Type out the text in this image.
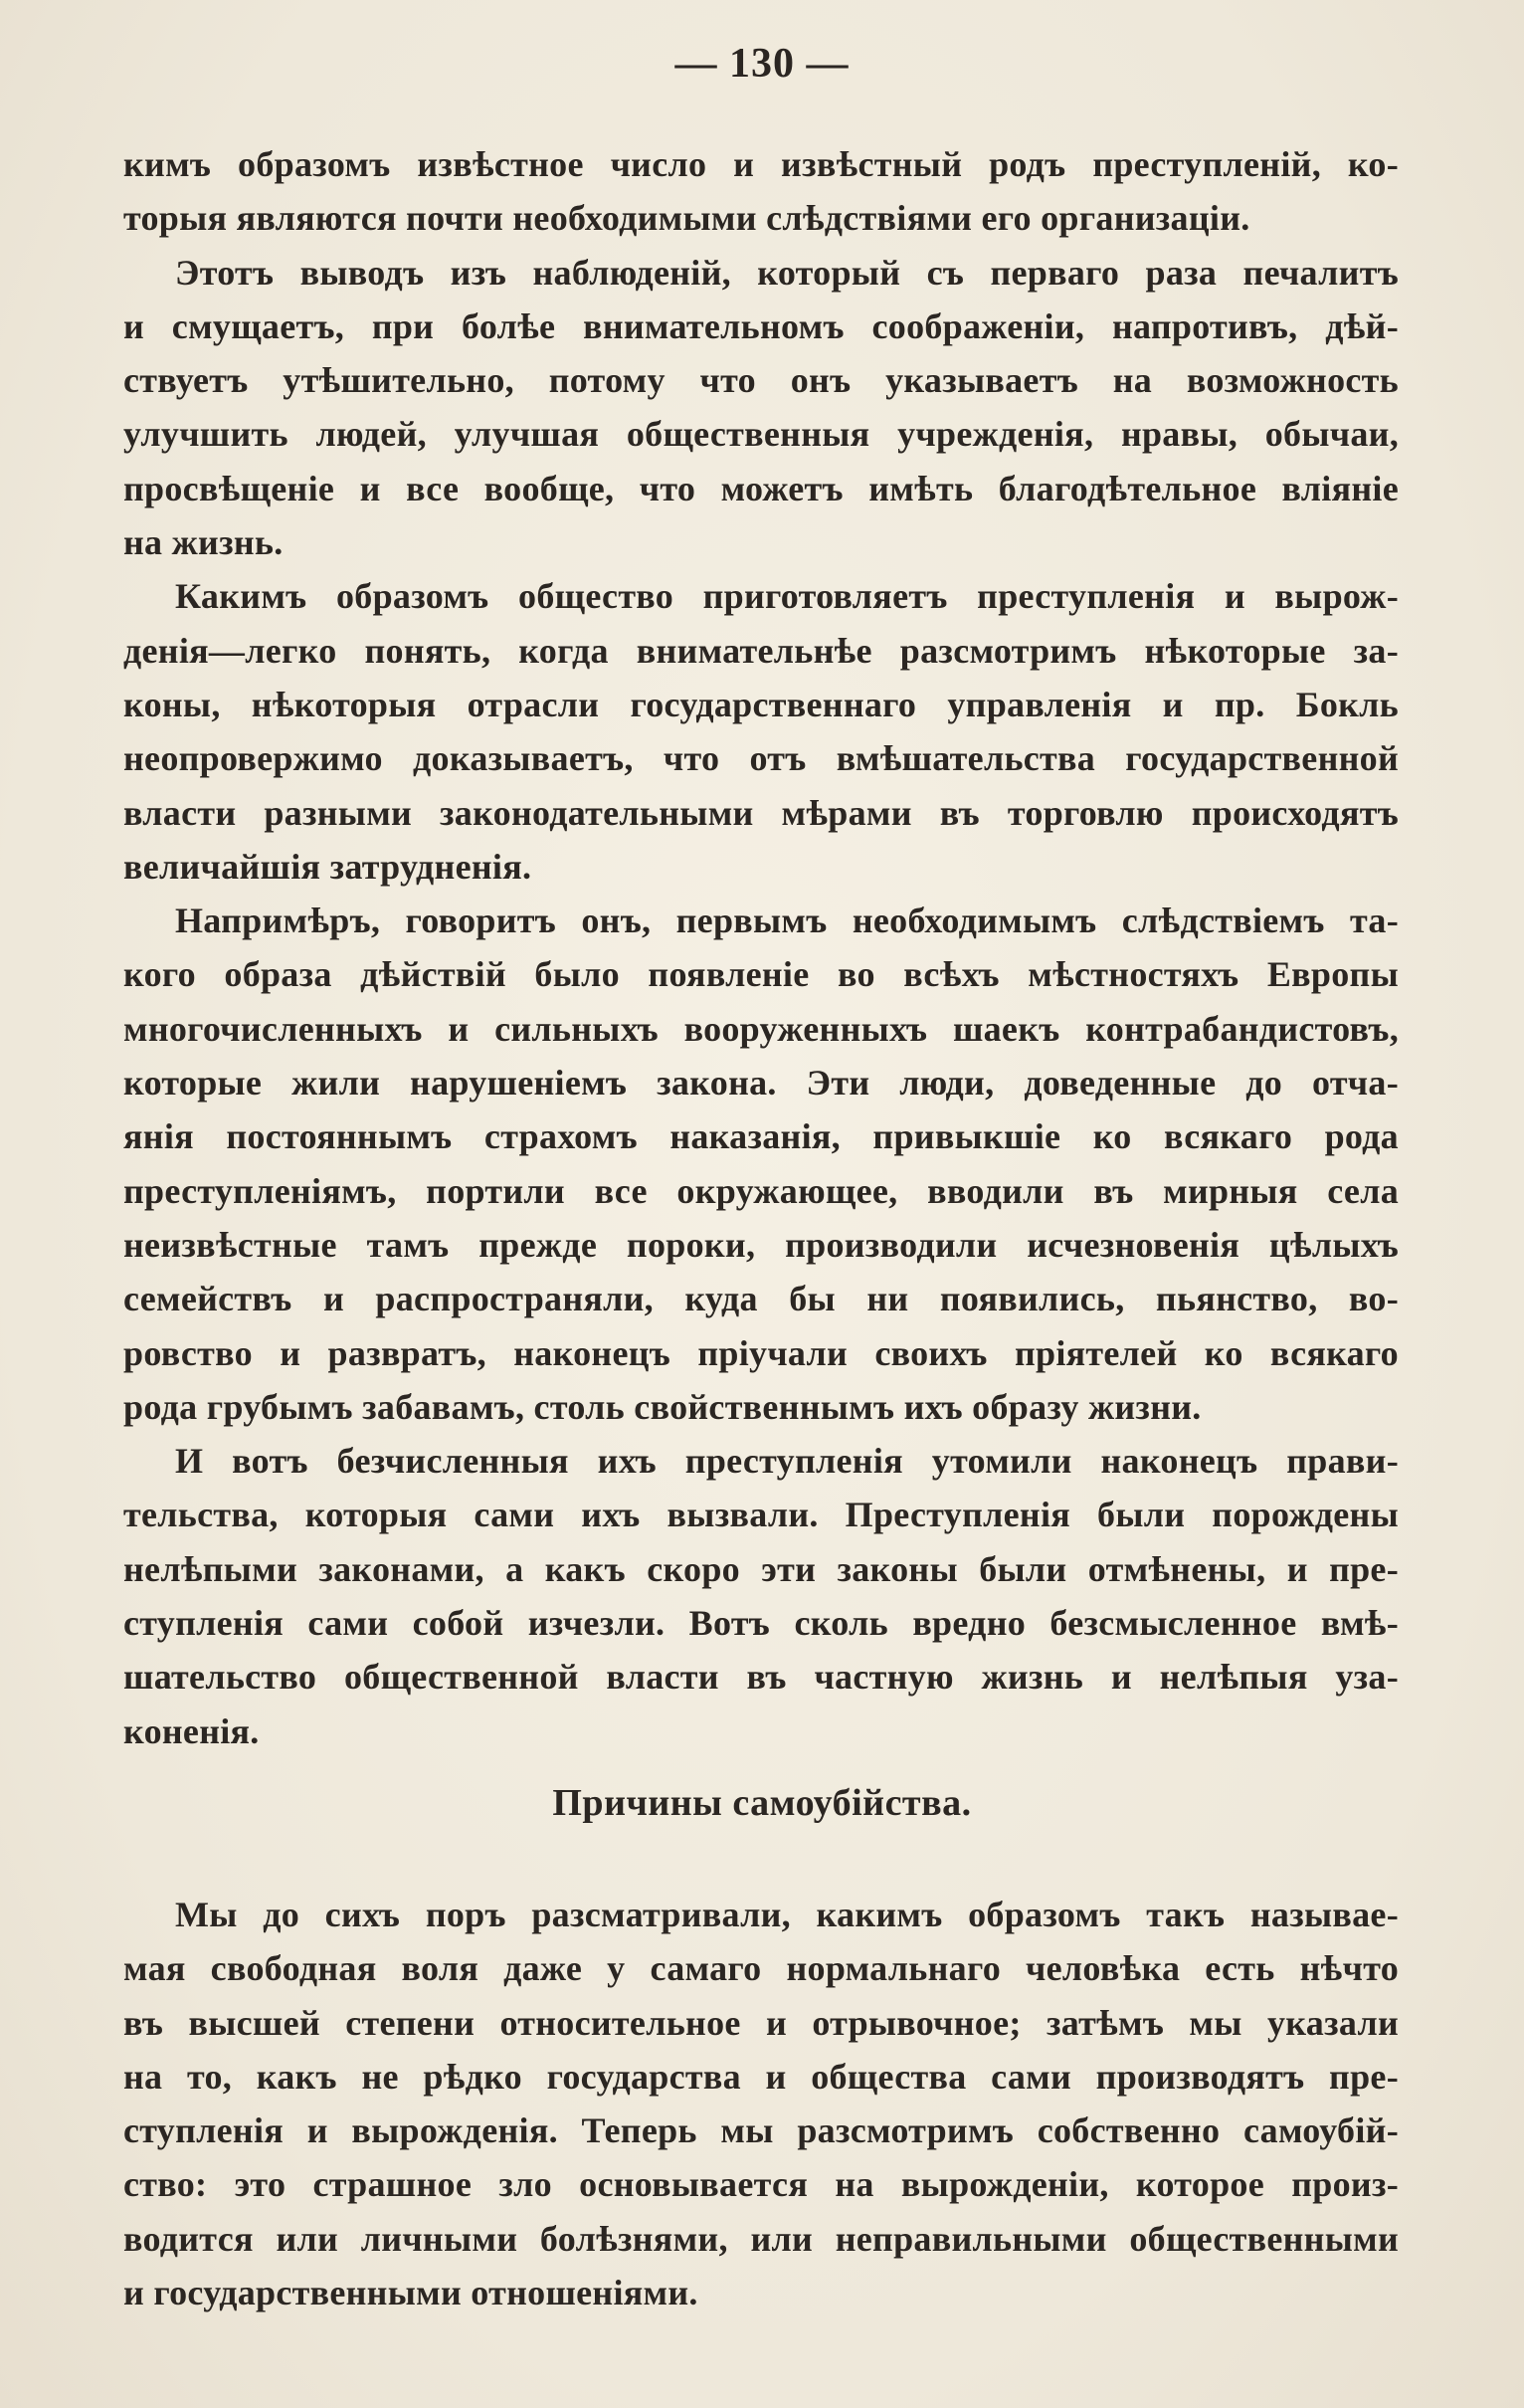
— 130 —
кимъ образомъ извѣстное число и извѣстный родъ преступленій, ко-
торыя являются почти необходимыми слѣдствіями его организаціи.
Этотъ выводъ изъ наблюденій, который съ перваго раза печалитъ
и смущаетъ, при болѣе внимательномъ соображеніи, напротивъ, дѣй-
ствуетъ утѣшительно, потому что онъ указываетъ на возможность
улучшить людей, улучшая общественныя учрежденія, нравы, обычаи,
просвѣщеніе и все вообще, что можетъ имѣть благодѣтельное вліяніе
на жизнь.
Какимъ образомъ общество приготовляетъ преступленія и вырож-
денія—легко понять, когда внимательнѣе разсмотримъ нѣкоторые за-
коны, нѣкоторыя отрасли государственнаго управленія и пр. Бокль
неопровержимо доказываетъ, что отъ вмѣшательства государственной
власти разными законодательными мѣрами въ торговлю происходятъ
величайшія затрудненія.
Напримѣръ, говоритъ онъ, первымъ необходимымъ слѣдствіемъ та-
кого образа дѣйствій было появленіе во всѣхъ мѣстностяхъ Европы
многочисленныхъ и сильныхъ вооруженныхъ шаекъ контрабандистовъ,
которые жили нарушеніемъ закона. Эти люди, доведенные до отча-
янія постояннымъ страхомъ наказанія, привыкшіе ко всякаго рода
преступленіямъ, портили все окружающее, вводили въ мирныя села
неизвѣстные тамъ прежде пороки, производили исчезновенія цѣлыхъ
семействъ и распространяли, куда бы ни появились, пьянство, во-
ровство и развратъ, наконецъ пріучали своихъ пріятелей ко всякаго
рода грубымъ забавамъ, столь свойственнымъ ихъ образу жизни.
И вотъ безчисленныя ихъ преступленія утомили наконецъ прави-
тельства, которыя сами ихъ вызвали. Преступленія были порождены
нелѣпыми законами, а какъ скоро эти законы были отмѣнены, и пре-
ступленія сами собой изчезли. Вотъ сколь вредно безсмысленное вмѣ-
шательство общественной власти въ частную жизнь и нелѣпыя уза-
коненія.
Причины самоубійства.
Мы до сихъ поръ разсматривали, какимъ образомъ такъ называе-
мая свободная воля даже у самаго нормальнаго человѣка есть нѣчто
въ высшей степени относительное и отрывочное; затѣмъ мы указали
на то, какъ не рѣдко государства и общества сами производятъ пре-
ступленія и вырожденія. Теперь мы разсмотримъ собственно самоубій-
ство: это страшное зло основывается на вырожденіи, которое произ-
водится или личными болѣзнями, или неправильными общественными
и государственными отношеніями.
